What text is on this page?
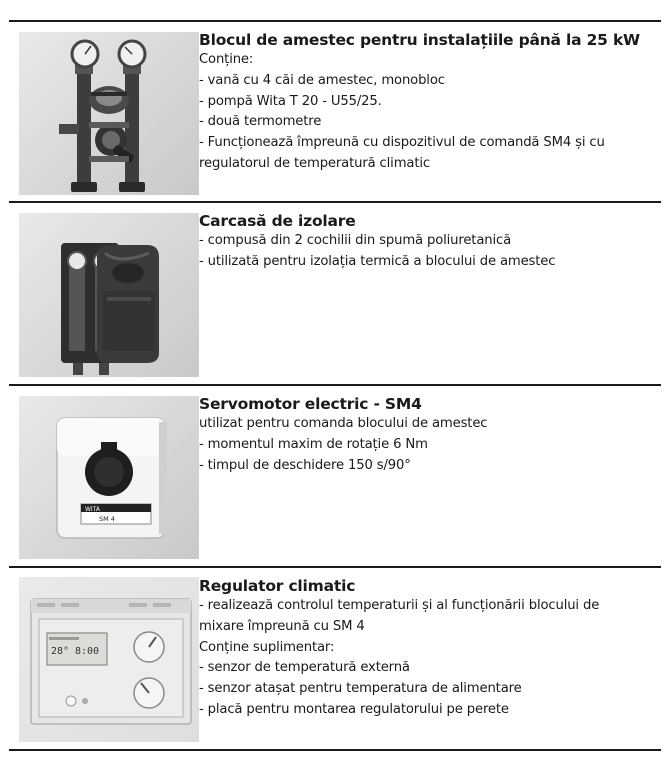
Blocul de amestec pentru instalațiile până la 25 kW
Conține:
- vană cu 4 căi de amestec, monobloc
- pompă Wita T 20 - U55/25.
- două termometre
- Funcționează împreună cu dispozitivul de comandă SM4 și cu
regulatorul de temperatură climatic
Carcasă de izolare
- compusă din 2 cochilii din spumă poliuretanică
- utilizată pentru izolația termică a blocului de amestec
WITA
SM 4
Servomotor electric - SM4
utilizat pentru comanda blocului de amestec
- momentul maxim de rotație 6 Nm
- timpul de deschidere 150 s/90°
28° 8:00
Regulator climatic
- realizează controlul temperaturii și al funcționării blocului de
mixare împreună cu SM 4
Conține suplimentar:
- senzor de temperatură externă
- senzor atașat pentru temperatura de alimentare
- placă pentru montarea regulatorului pe perete
